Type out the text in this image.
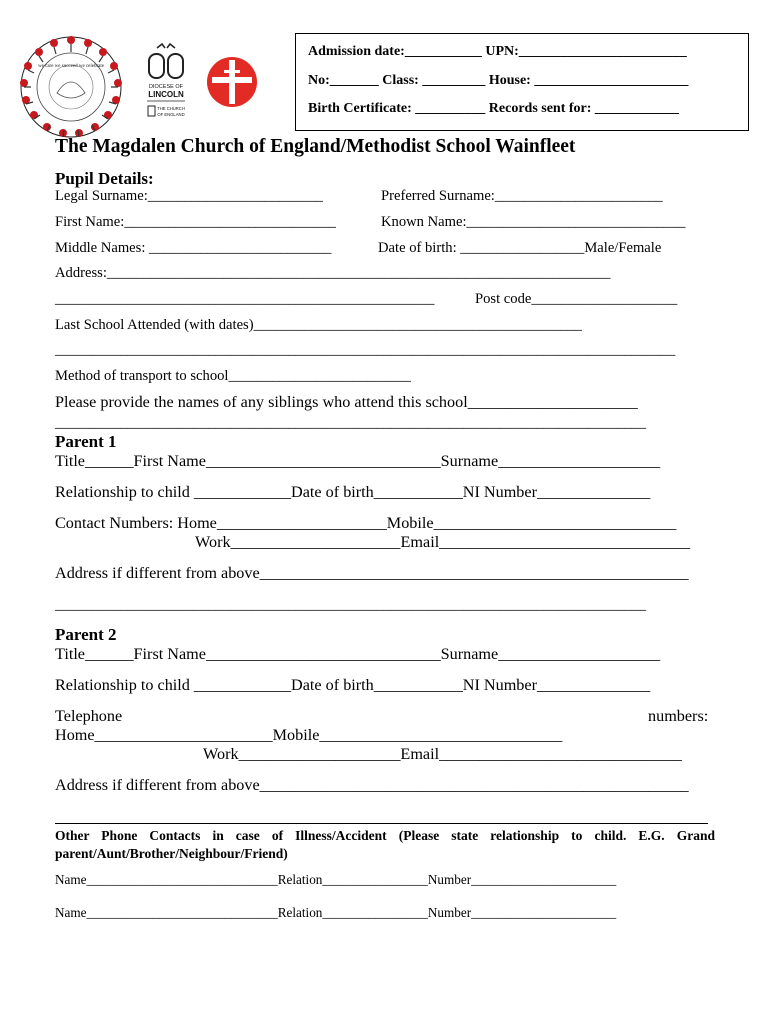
we care we succeed we celebrate
DIOCESE OF
LINCOLN
THE CHURCH
OF ENGLAND
Admission date:___________ UPN:________________________
No:_______ Class: _________ House: ______________________
Birth Certificate: __________ Records sent for: ____________
The Magdalen Church of England/Methodist School Wainfleet
Pupil Details:
Legal Surname:________________________	Preferred Surname:_______________________
First Name:_____________________________	Known Name:______________________________
Middle Names: _________________________	Date of birth: _________________Male/Female
Address:_____________________________________________________________________
____________________________________________________	Post code____________________
Last School Attended (with dates)_____________________________________________
_____________________________________________________________________________________
Method of transport to school_________________________
Please provide the names of any siblings who attend this school_____________________
_________________________________________________________________________________
Parent 1
Title______First Name_____________________________Surname____________________
Relationship to child ____________Date of birth___________NI Number______________
Contact Numbers: Home_____________________Mobile______________________________
Work_____________________Email_______________________________
Address if different from above_____________________________________________________
_________________________________________________________________________________
Parent 2
Title______First Name_____________________________Surname____________________
Relationship to child ____________Date of birth___________NI Number______________
Telephone	numbers:
Home______________________Mobile______________________________
Work____________________Email______________________________
Address if different from above_____________________________________________________
Other Phone Contacts in case of Illness/Accident (Please state relationship to child. E.G. Grand parent/Aunt/Brother/Neighbour/Friend)
Name_____________________________Relation________________Number______________________
Name_____________________________Relation________________Number______________________
